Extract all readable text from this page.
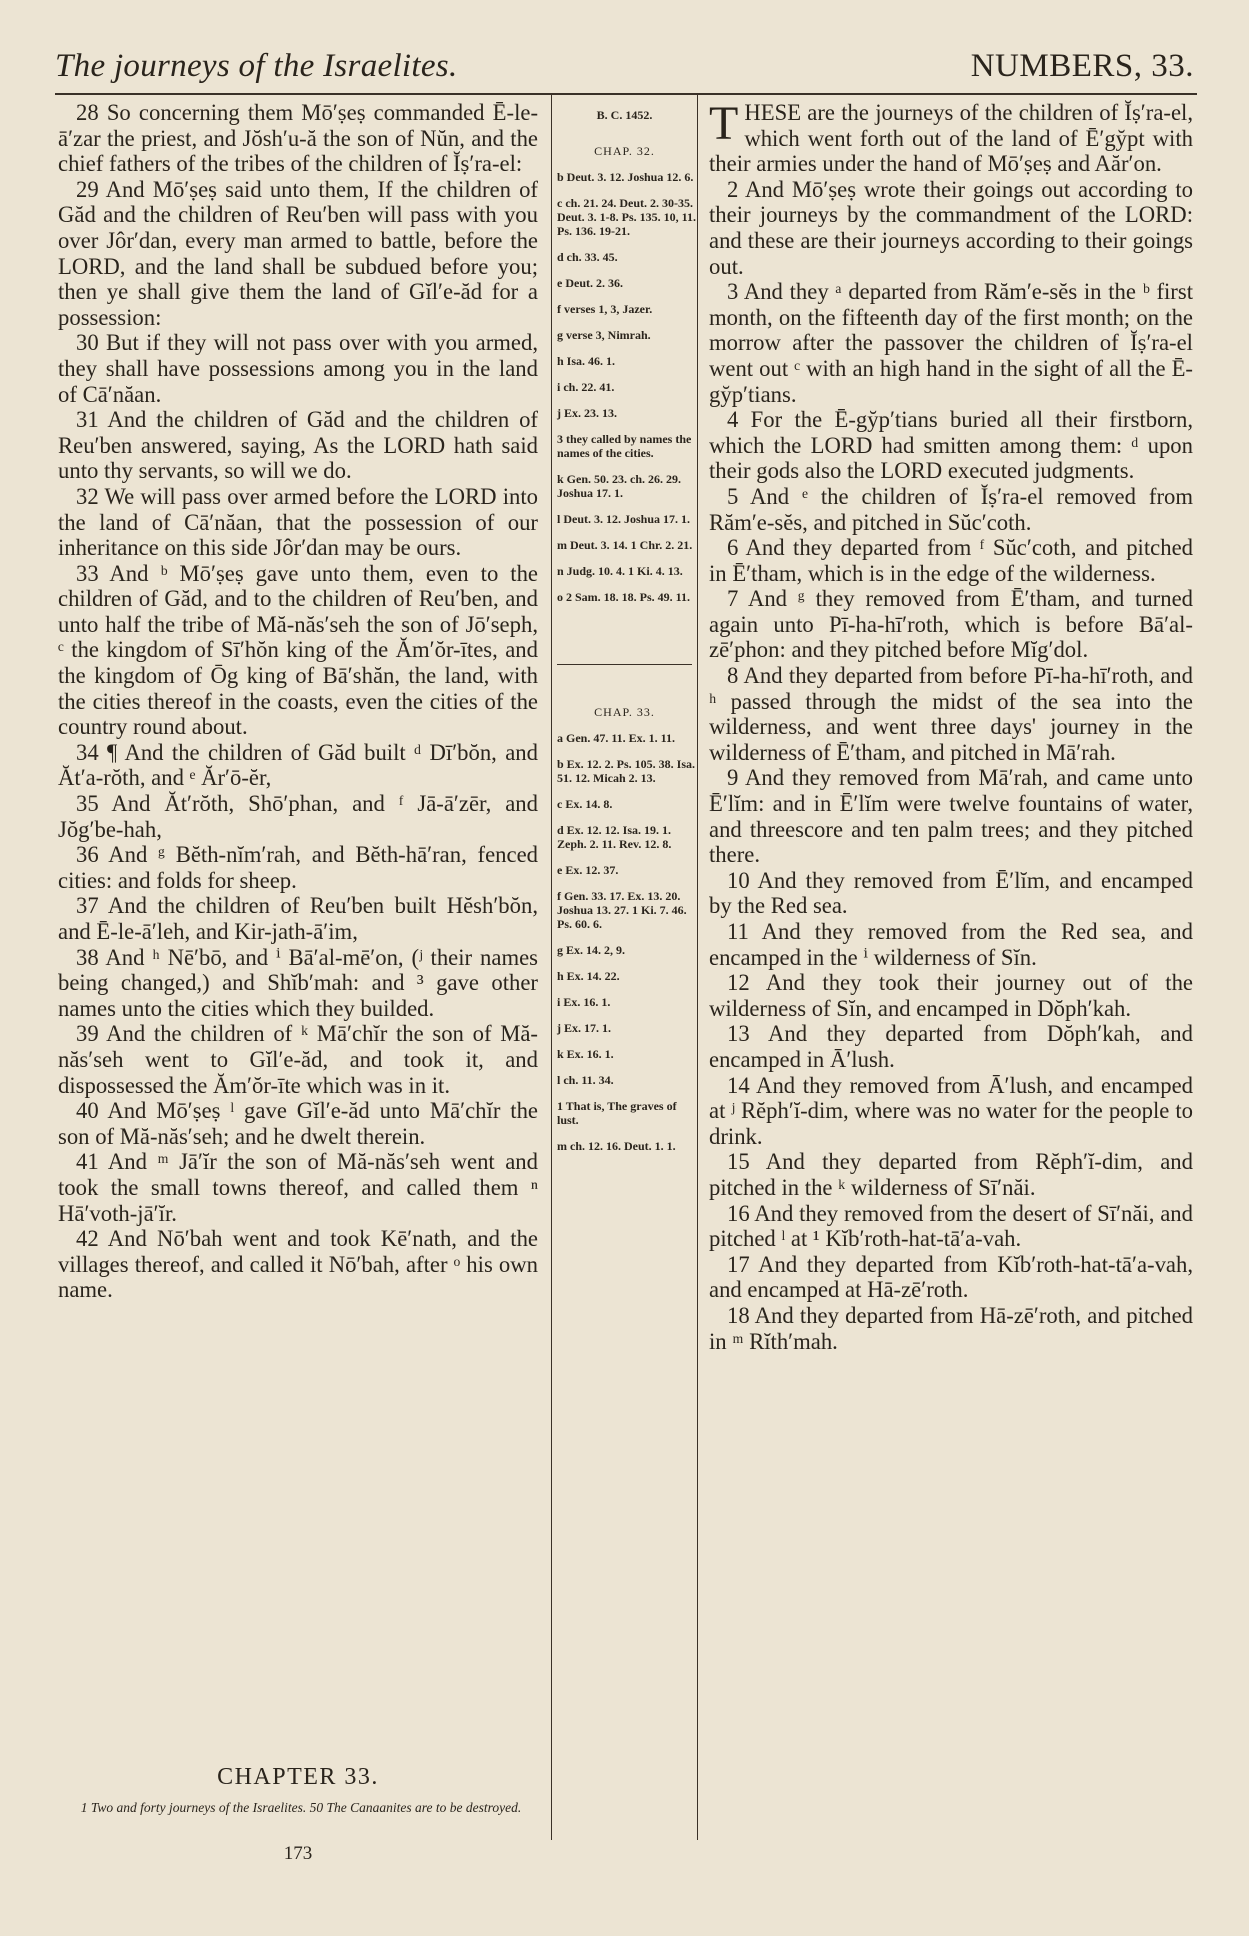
The journeys of the Israelites.	NUMBERS, 33.

28 So concerning them Mō′ṣeṣ commanded Ē-le-ā′zar the priest, and Jŏsh′u-ă the son of Nŭn, and the chief fathers of the tribes of the children of Ĭṣ′ra-el:

29 And Mō′ṣeṣ said unto them, If the children of Găd and the children of Reu′ben will pass with you over Jôr′dan, every man armed to battle, before the LORD, and the land shall be subdued before you; then ye shall give them the land of Gĭl′e-ăd for a possession:

30 But if they will not pass over with you armed, they shall have possessions among you in the land of Cā′năan.

31 And the children of Găd and the children of Reu′ben answered, saying, As the LORD hath said unto thy servants, so will we do.

32 We will pass over armed before the LORD into the land of Cā′năan, that the possession of our inheritance on this side Jôr′dan may be ours.

33 And ᵇ Mō′ṣeṣ gave unto them, even to the children of Găd, and to the children of Reu′ben, and unto half the tribe of Mă-năs′seh the son of Jō′seph, ᶜ the kingdom of Sī′hŏn king of the Ăm′ŏr-ītes, and the kingdom of Ōg king of Bā′shăn, the land, with the cities thereof in the coasts, even the cities of the country round about.

34 ¶ And the children of Găd built ᵈ Dī′bŏn, and Ăt′a-rŏth, and ᵉ Ăr′ō-ĕr,

35 And Ăt′rŏth, Shō′phan, and ᶠ Jā-ā′zēr, and Jŏg′be-hah,

36 And ᵍ Bĕth-nĭm′rah, and Bĕth-hā′ran, fenced cities: and folds for sheep.

37 And the children of Reu′ben built Hĕsh′bŏn, and Ē-le-ā′leh, and Kir-jath-ā′im,

38 And ʰ Nē′bō, and ⁱ Bā′al-mē′on, (ʲ their names being changed,) and Shĭb′mah: and ³ gave other names unto the cities which they builded.

39 And the children of ᵏ Mā′chĭr the son of Mă-năs′seh went to Gĭl′e-ăd, and took it, and dispossessed the Ăm′ŏr-īte which was in it.

40 And Mō′ṣeṣ ˡ gave Gĭl′e-ăd unto Mā′chĭr the son of Mă-năs′seh; and he dwelt therein.

41 And ᵐ Jā′ĭr the son of Mă-năs′seh went and took the small towns thereof, and called them ⁿ Hā′voth-jā′ĭr.

42 And Nō′bah went and took Kē′nath, and the villages thereof, and called it Nō′bah, after ᵒ his own name.

B. C. 1452.
CHAP. 32.
b Deut. 3. 12. Joshua 12. 6.
c ch. 21. 24. Deut. 2. 30-35. Deut. 3. 1-8. Ps. 135. 10, 11. Ps. 136. 19-21.
d ch. 33. 45.
e Deut. 2. 36.
f verses 1, 3, Jazer.
g verse 3, Nimrah.
h Isa. 46. 1.
i ch. 22. 41.
j Ex. 23. 13.
3 they called by names the names of the cities.
k Gen. 50. 23. ch. 26. 29. Joshua 17. 1.
l Deut. 3. 12. Joshua 17. 1.
m Deut. 3. 14. 1 Chr. 2. 21.
n Judg. 10. 4. 1 Ki. 4. 13.
o 2 Sam. 18. 18. Ps. 49. 11.
CHAP. 33.
a Gen. 47. 11. Ex. 1. 11.
b Ex. 12. 2. Ps. 105. 38. Isa. 51. 12. Micah 2. 13.
c Ex. 14. 8.
d Ex. 12. 12. Isa. 19. 1. Zeph. 2. 11. Rev. 12. 8.
e Ex. 12. 37.
f Gen. 33. 17. Ex. 13. 20. Joshua 13. 27. 1 Ki. 7. 46. Ps. 60. 6.
g Ex. 14. 2, 9.
h Ex. 14. 22.
i Ex. 16. 1.
j Ex. 17. 1.
k Ex. 16. 1.
l ch. 11. 34.
1 That is, The graves of lust.
m ch. 12. 16. Deut. 1. 1.

THESE are the journeys of the children of Ĭṣ′ra-el, which went forth out of the land of Ē′gy̆pt with their armies under the hand of Mō′ṣeṣ and Aăr′on.

2 And Mō′ṣeṣ wrote their goings out according to their journeys by the commandment of the LORD: and these are their journeys according to their goings out.

3 And they ᵃ departed from Răm′e-sĕs in the ᵇ first month, on the fifteenth day of the first month; on the morrow after the passover the children of Ĭṣ′ra-el went out ᶜ with an high hand in the sight of all the Ē-gy̆p′tians.

4 For the Ē-gy̆p′tians buried all their firstborn, which the LORD had smitten among them: ᵈ upon their gods also the LORD executed judgments.

5 And ᵉ the children of Ĭṣ′ra-el removed from Răm′e-sĕs, and pitched in Sŭc′coth.

6 And they departed from ᶠ Sŭc′coth, and pitched in Ē′tham, which is in the edge of the wilderness.

7 And ᵍ they removed from Ē′tham, and turned again unto Pī-ha-hī′roth, which is before Bā′al-zē′phon: and they pitched before Mĭg′dol.

8 And they departed from before Pī-ha-hī′roth, and ʰ passed through the midst of the sea into the wilderness, and went three days' journey in the wilderness of Ē′tham, and pitched in Mā′rah.

9 And they removed from Mā′rah, and came unto Ē′lĭm: and in Ē′lĭm were twelve fountains of water, and threescore and ten palm trees; and they pitched there.

10 And they removed from Ē′lĭm, and encamped by the Red sea.

11 And they removed from the Red sea, and encamped in the ⁱ wilderness of Sĭn.

12 And they took their journey out of the wilderness of Sĭn, and encamped in Dŏph′kah.

13 And they departed from Dŏph′kah, and encamped in Ā′lush.

14 And they removed from Ā′lush, and encamped at ʲ Rĕph′ĭ-dim, where was no water for the people to drink.

15 And they departed from Rĕph′ĭ-dim, and pitched in the ᵏ wilderness of Sī′năi.

16 And they removed from the desert of Sī′năi, and pitched ˡ at ¹ Kĭb′roth-hat-tā′a-vah.

17 And they departed from Kĭb′roth-hat-tā′a-vah, and encamped at Hā-zē′roth.

18 And they departed from Hā-zē′roth, and pitched in ᵐ Rĭth′mah.

CHAPTER 33.
1 Two and forty journeys of the Israelites. 50 The Canaanites are to be destroyed.
173
